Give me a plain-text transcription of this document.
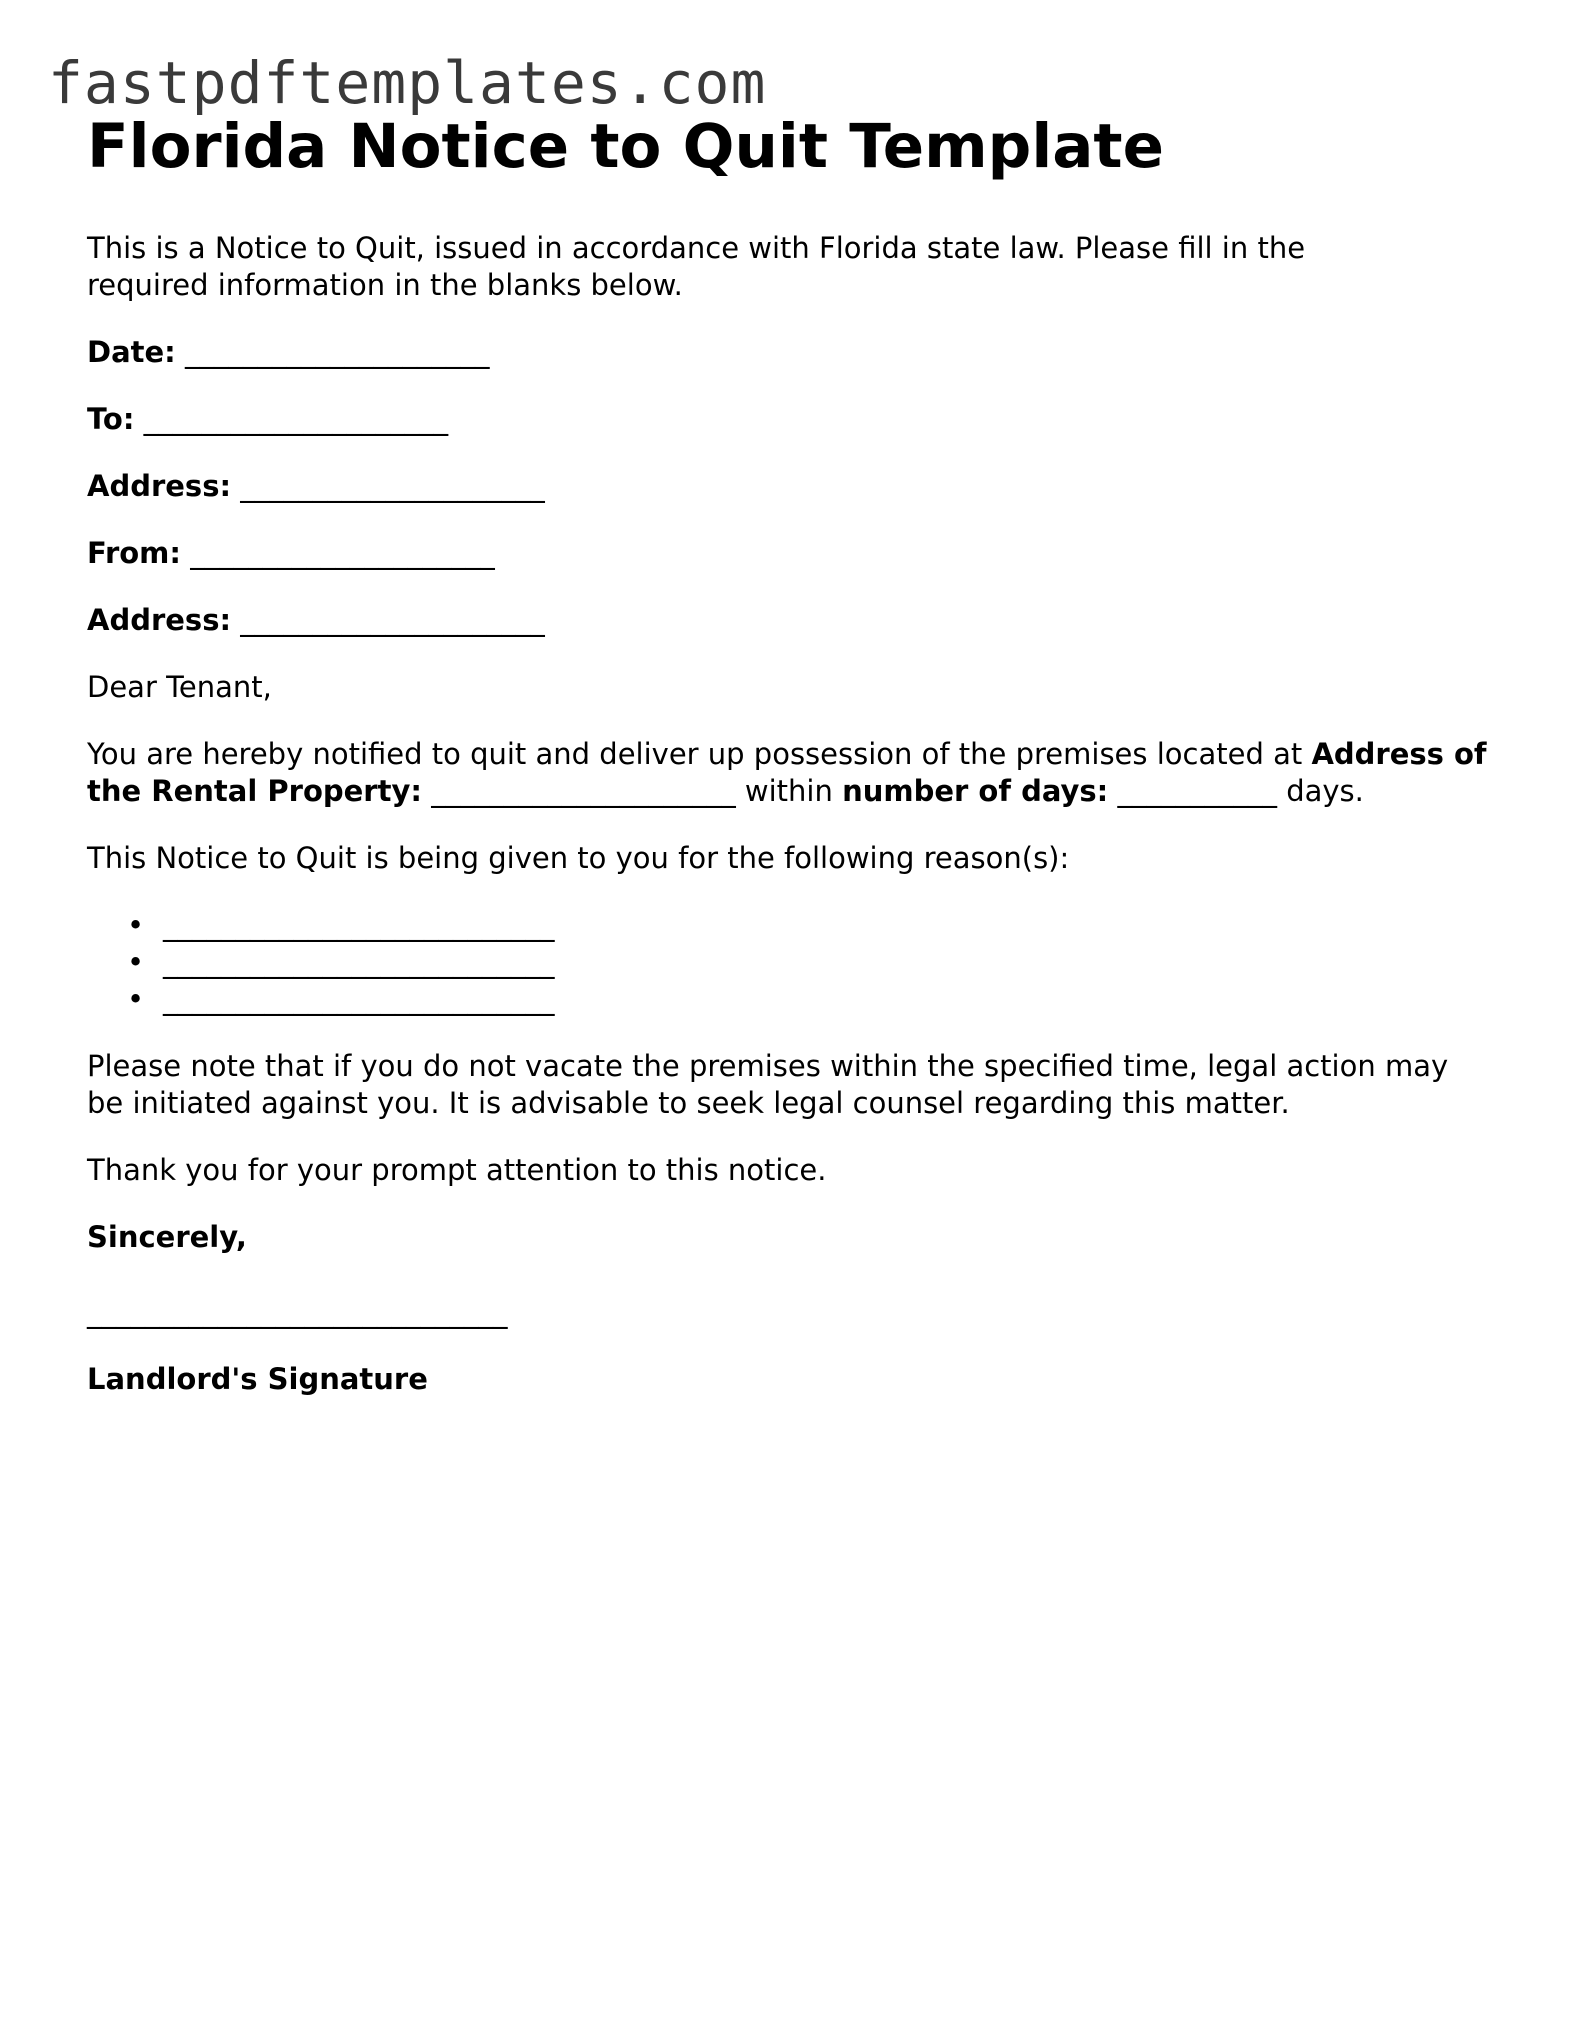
fastpdftemplates.com
Florida Notice to Quit Template

This is a Notice to Quit, issued in accordance with Florida state law. Please fill in the required information in the blanks below.

Date: _____________________

To: _____________________

Address: _____________________

From: _____________________

Address: _____________________

Dear Tenant,

You are hereby notified to quit and deliver up possession of the premises located at Address of the Rental Property: _____________________ within number of days: ___________ days.

This Notice to Quit is being given to you for the following reason(s):

• ___________________________
• ___________________________
• ___________________________

Please note that if you do not vacate the premises within the specified time, legal action may be initiated against you. It is advisable to seek legal counsel regarding this matter.

Thank you for your prompt attention to this notice.

Sincerely,

_____________________________

Landlord's Signature
